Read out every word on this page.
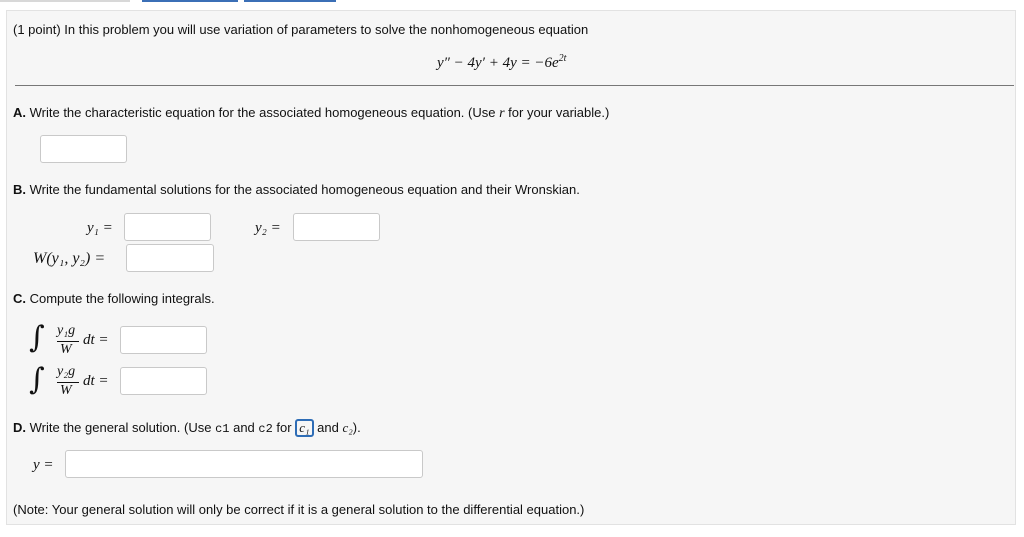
(1 point) In this problem you will use variation of parameters to solve the nonhomogeneous equation
$y'' - 4y' + 4y = -6e^{2t}$
A. Write the characteristic equation for the associated homogeneous equation. (Use r for your variable.)
B. Write the fundamental solutions for the associated homogeneous equation and their Wronskian.
y₁ =	y₂ =
W(y₁, y₂) =
C. Compute the following integrals.
∫ y₁g
W
dt =
∫ y₂g
W
dt =
D. Write the general solution. (Use c1 and c2 for c₁ and c₂).
y =
(Note: Your general solution will only be correct if it is a general solution to the differential equation.)
